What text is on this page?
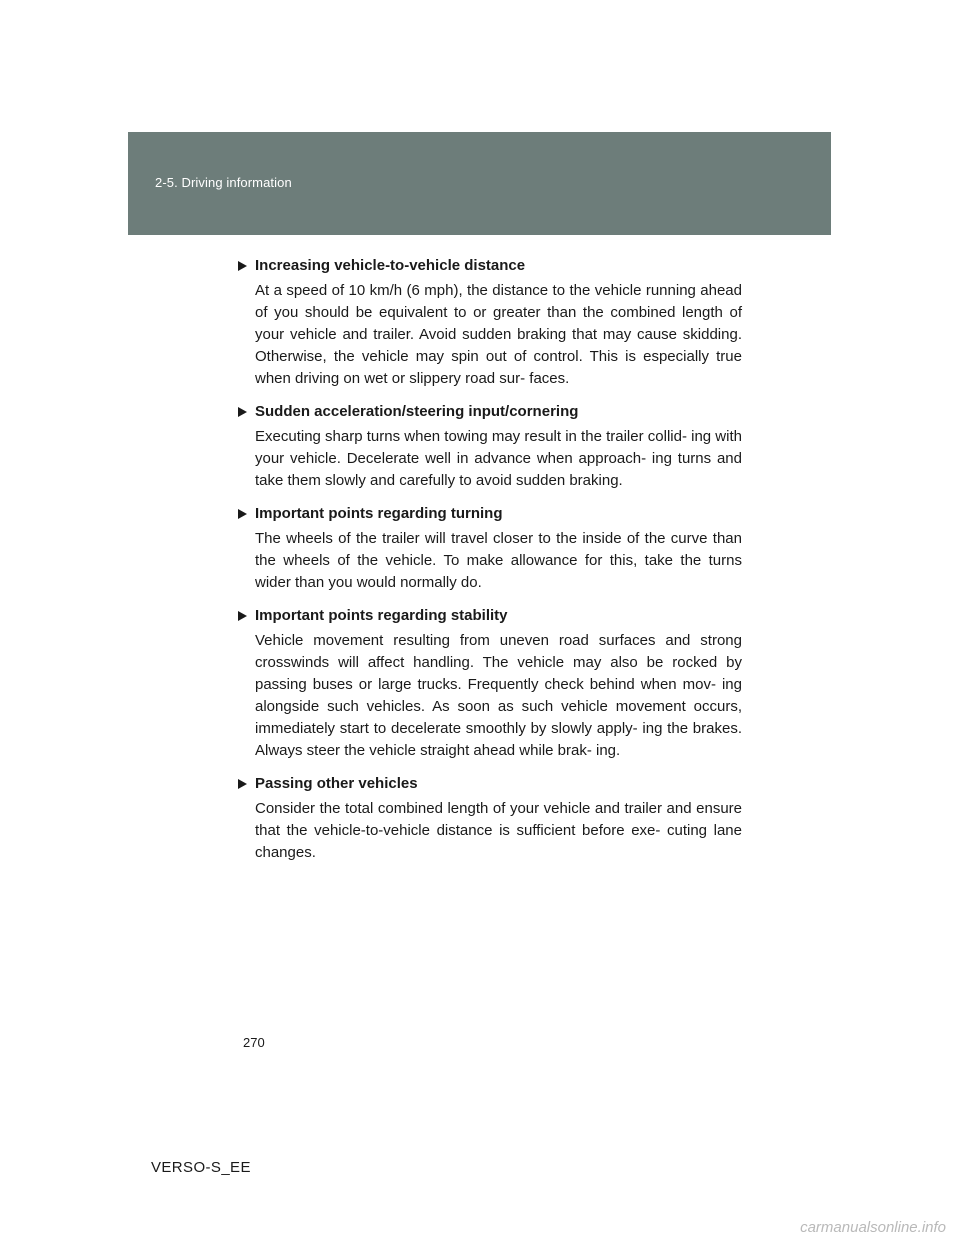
2-5. Driving information
Increasing vehicle-to-vehicle distance
At a speed of 10 km/h (6 mph), the distance to the vehicle running ahead of you should be equivalent to or greater than the combined length of your vehicle and trailer. Avoid sudden braking that may cause skidding. Otherwise, the vehicle may spin out of control. This is especially true when driving on wet or slippery road sur- faces.
Sudden acceleration/steering input/cornering
Executing sharp turns when towing may result in the trailer collid- ing with your vehicle. Decelerate well in advance when approach- ing turns and take them slowly and carefully to avoid sudden braking.
Important points regarding turning
The wheels of the trailer will travel closer to the inside of the curve than the wheels of the vehicle. To make allowance for this, take the turns wider than you would normally do.
Important points regarding stability
Vehicle movement resulting from uneven road surfaces and strong crosswinds will affect handling. The vehicle may also be rocked by passing buses or large trucks. Frequently check behind when mov- ing alongside such vehicles. As soon as such vehicle movement occurs, immediately start to decelerate smoothly by slowly apply- ing the brakes. Always steer the vehicle straight ahead while brak- ing.
Passing other vehicles
Consider the total combined length of your vehicle and trailer and ensure that the vehicle-to-vehicle distance is sufficient before exe- cuting lane changes.
270
VERSO-S_EE
carmanualsonline.info
